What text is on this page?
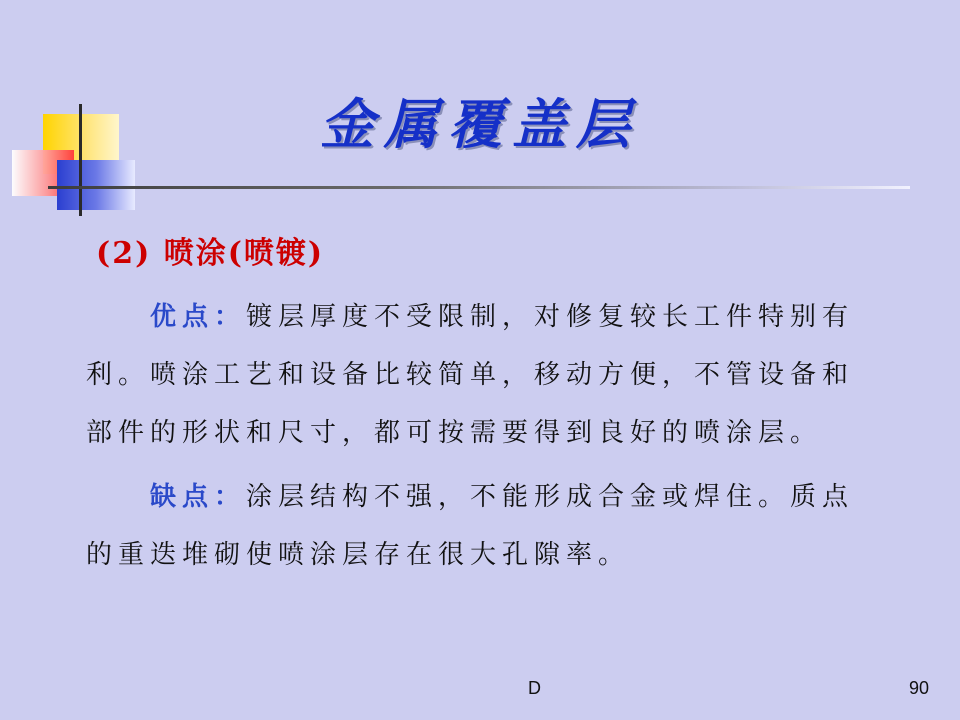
金属覆盖层
(2) 喷涂(喷镀)

优点：镀层厚度不受限制，对修复较长工件特别有利。喷涂工艺和设备比较简单，移动方便，不管设备和部件的形状和尺寸，都可按需要得到良好的喷涂层。

缺点：涂层结构不强，不能形成合金或焊住。质点的重迭堆砌使喷涂层存在很大孔隙率。

D	90
